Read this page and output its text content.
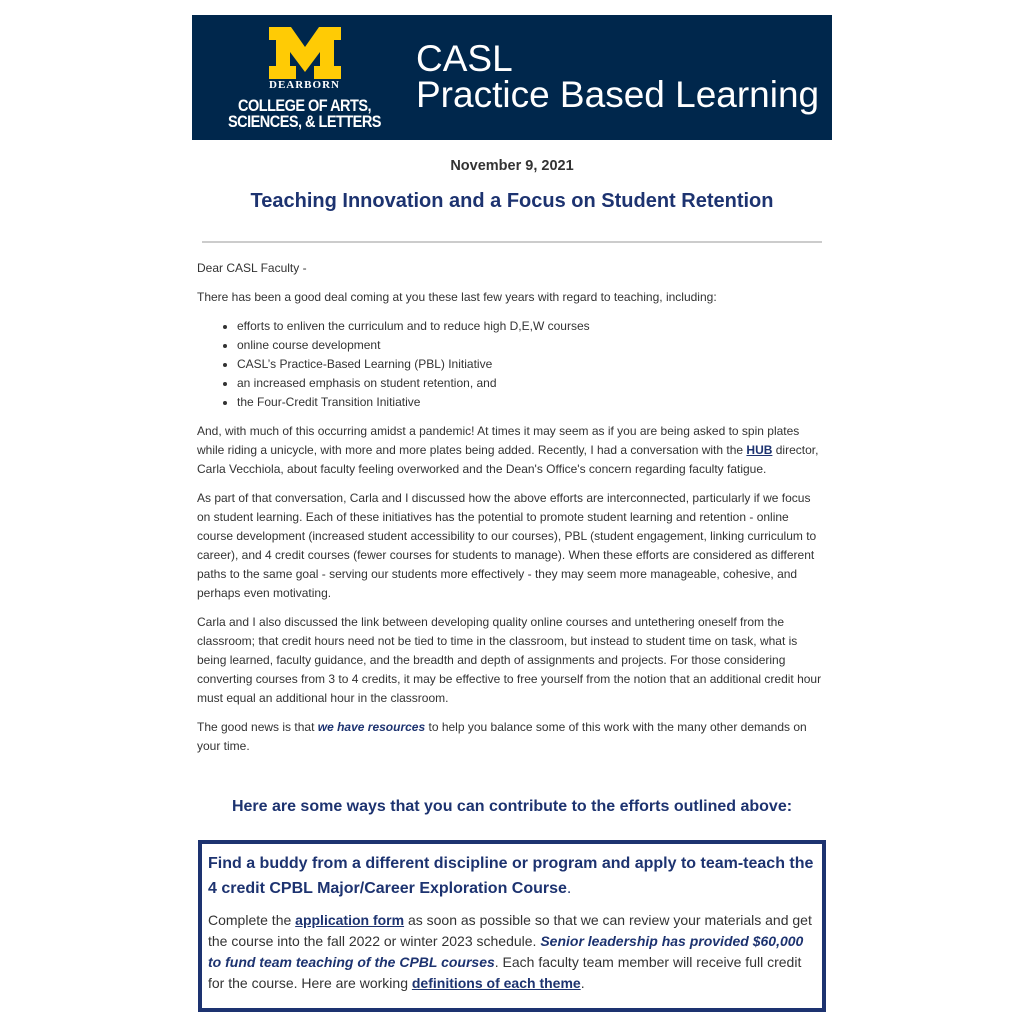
DEARBORN
COLLEGE OF ARTS,
SCIENCES, & LETTERS
CASL
Practice Based Learning
November 9, 2021
Teaching Innovation and a Focus on Student Retention

Dear CASL Faculty -

There has been a good deal coming at you these last few years with regard to teaching, including:

• efforts to enliven the curriculum and to reduce high D,E,W courses
• online course development
• CASL’s Practice-Based Learning (PBL) Initiative
• an increased emphasis on student retention, and
• the Four-Credit Transition Initiative

And, with much of this occurring amidst a pandemic! At times it may seem as if you are being asked to spin plates while riding a unicycle, with more and more plates being added. Recently, I had a conversation with the HUB director, Carla Vecchiola, about faculty feeling overworked and the Dean's Office's concern regarding faculty fatigue.

As part of that conversation, Carla and I discussed how the above efforts are interconnected, particularly if we focus on student learning. Each of these initiatives has the potential to promote student learning and retention - online course development (increased student accessibility to our courses), PBL (student engagement, linking curriculum to career), and 4 credit courses (fewer courses for students to manage). When these efforts are considered as different paths to the same goal - serving our students more effectively - they may seem more manageable, cohesive, and perhaps even motivating.

Carla and I also discussed the link between developing quality online courses and untethering oneself from the classroom; that credit hours need not be tied to time in the classroom, but instead to student time on task, what is being learned, faculty guidance, and the breadth and depth of assignments and projects. For those considering converting courses from 3 to 4 credits, it may be effective to free yourself from the notion that an additional credit hour must equal an additional hour in the classroom.

The good news is that we have resources to help you balance some of this work with the many other demands on your time.

Here are some ways that you can contribute to the efforts outlined above:
Find a buddy from a different discipline or program and apply to team-teach the 4 credit CPBL Major/Career Exploration Course.
Complete the application form as soon as possible so that we can review your materials and get the course into the fall 2022 or winter 2023 schedule. Senior leadership has provided $60,000 to fund team teaching of the CPBL courses. Each faculty team member will receive full credit for the course. Here are working definitions of each theme.
